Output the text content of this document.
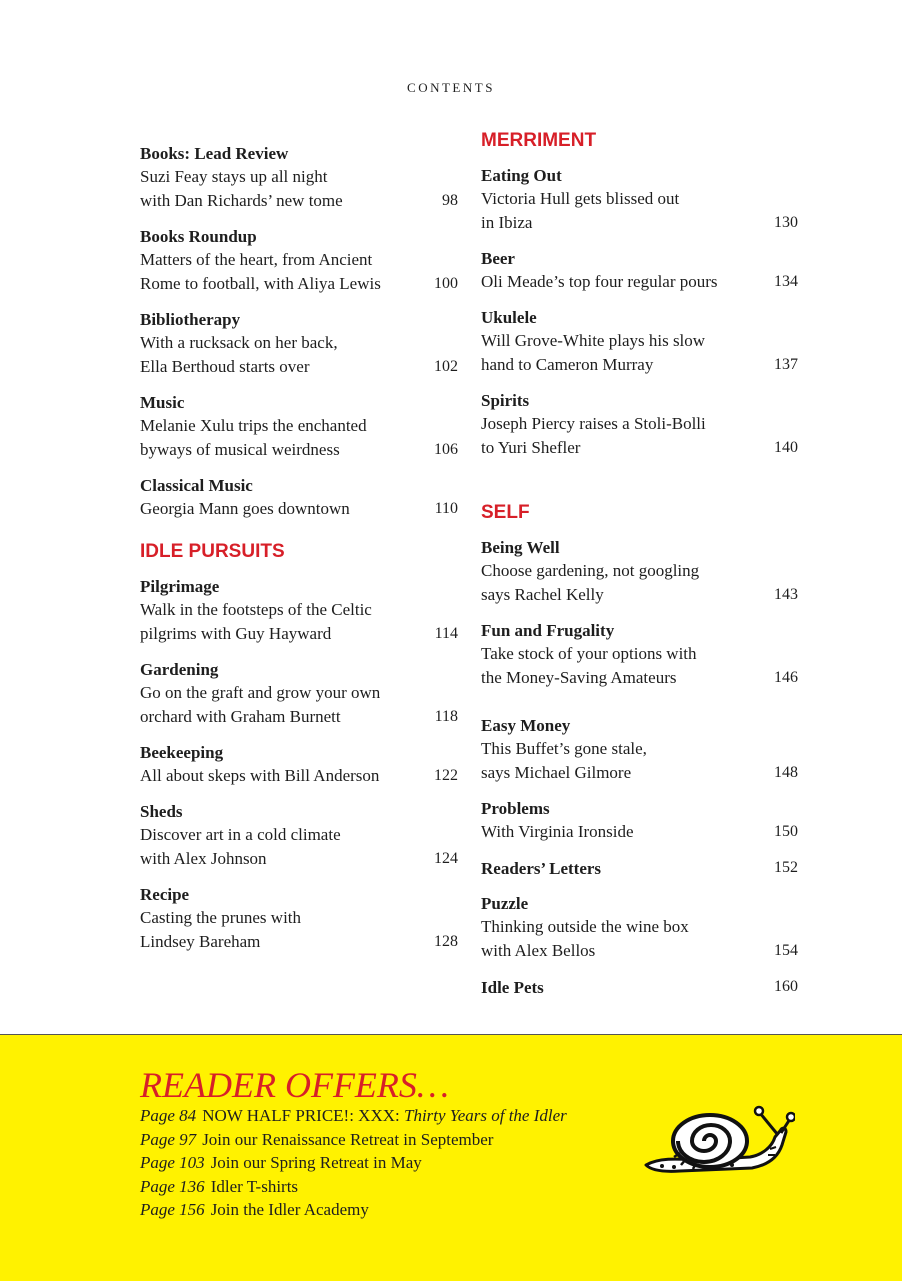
CONTENTS
Books: Lead Review
Suzi Feay stays up all night
with Dan Richards’ new tome	98
Books Roundup
Matters of the heart, from Ancient
Rome to football, with Aliya Lewis	100
Bibliotherapy
With a rucksack on her back,
Ella Berthoud starts over	102
Music
Melanie Xulu trips the enchanted
byways of musical weirdness	106
Classical Music
Georgia Mann goes downtown	110
IDLE PURSUITS
Pilgrimage
Walk in the footsteps of the Celtic
pilgrims with Guy Hayward	114
Gardening
Go on the graft and grow your own
orchard with Graham Burnett	118
Beekeeping
All about skeps with Bill Anderson	122
Sheds
Discover art in a cold climate
with Alex Johnson	124
Recipe
Casting the prunes with
Lindsey Bareham	128
MERRIMENT
Eating Out
Victoria Hull gets blissed out
in Ibiza	130
Beer
Oli Meade’s top four regular pours	134
Ukulele
Will Grove-White plays his slow
hand to Cameron Murray	137
Spirits
Joseph Piercy raises a Stoli-Bolli
to Yuri Shefler	140
SELF
Being Well
Choose gardening, not googling
says Rachel Kelly	143
Fun and Frugality
Take stock of your options with
the Money-Saving Amateurs	146
Easy Money
This Buffet’s gone stale,
says Michael Gilmore	148
Problems
With Virginia Ironside	150
Readers’ Letters	152
Puzzle
Thinking outside the wine box
with Alex Bellos	154
Idle Pets	160
READER OFFERS…
Page 84 NOW HALF PRICE!: XXX: Thirty Years of the Idler
Page 97 Join our Renaissance Retreat in September
Page 103 Join our Spring Retreat in May
Page 136 Idler T-shirts
Page 156 Join the Idler Academy
